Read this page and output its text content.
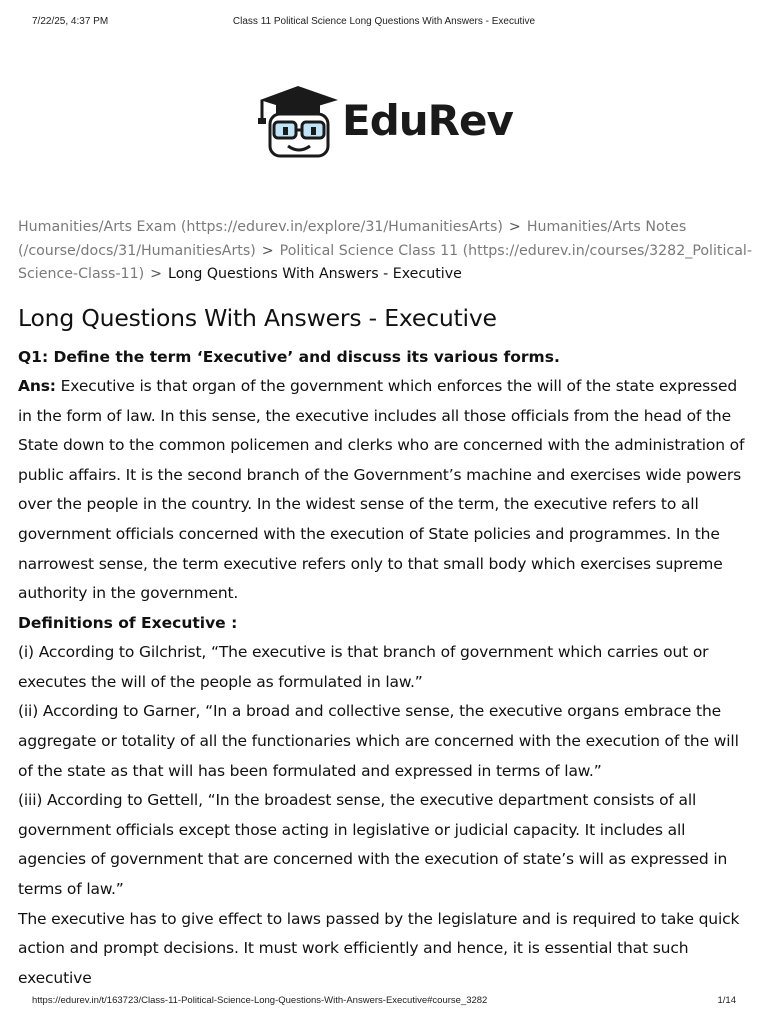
7/22/25, 4:37 PM	Class 11 Political Science Long Questions With Answers - Executive
EduRev
Humanities/Arts Exam (https://edurev.in/explore/31/HumanitiesArts) > Humanities/Arts Notes (/course/docs/31/HumanitiesArts) > Political Science Class 11 (https://edurev.in/courses/3282_Political-Science-Class-11) > Long Questions With Answers - Executive
Long Questions With Answers - Executive

Q1: Define the term ‘Executive’ and discuss its various forms.

Ans: Executive is that organ of the government which enforces the will of the state expressed in the form of law. In this sense, the executive includes all those officials from the head of the State down to the common policemen and clerks who are concerned with the administration of public affairs. It is the second branch of the Government’s machine and exercises wide powers over the people in the country. In the widest sense of the term, the executive refers to all government officials concerned with the execution of State policies and programmes. In the narrowest sense, the term executive refers only to that small body which exercises supreme authority in the government.

Definitions of Executive :

(i) According to Gilchrist, “The executive is that branch of government which carries out or executes the will of the people as formulated in law.”

(ii) According to Garner, “In a broad and collective sense, the executive organs embrace the aggregate or totality of all the functionaries which are concerned with the execution of the will of the state as that will has been formulated and expressed in terms of law.”

(iii) According to Gettell, “In the broadest sense, the executive department consists of all government officials except those acting in legislative or judicial capacity. It includes all agencies of government that are concerned with the execution of state’s will as expressed in terms of law.”

The executive has to give effect to laws passed by the legislature and is required to take quick action and prompt decisions. It must work efficiently and hence, it is essential that such executive

https://edurev.in/t/163723/Class-11-Political-Science-Long-Questions-With-Answers-Executive#course_3282	1/14
